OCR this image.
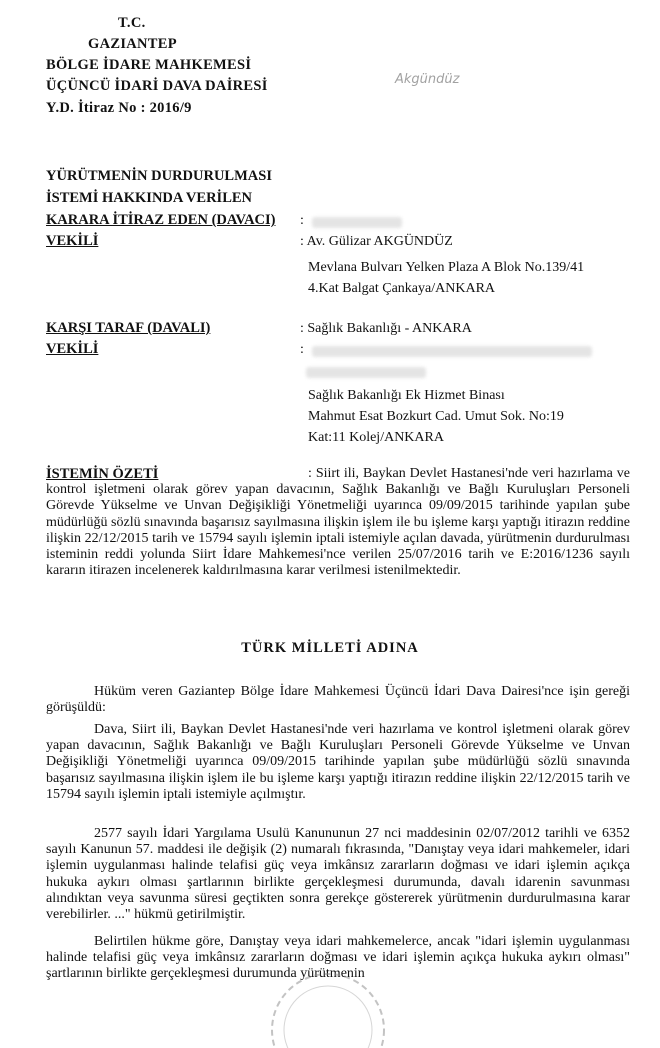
T.C.
GAZIANTEP
BÖLGE İDARE MAHKEMESİ
ÜÇÜNCÜ İDARİ DAVA DAİRESİ
Y.D. İtiraz No : 2016/9
Akgündüz
YÜRÜTMENİN DURDURULMASI
İSTEMİ HAKKINDA VERİLEN
KARARA İTİRAZ EDEN (DAVACI) :
VEKİLİ	: Av. Gülizar AKGÜNDÜZ
Mevlana Bulvarı Yelken Plaza A Blok No.139/41
4.Kat Balgat Çankaya/ANKARA
KARŞI TARAF (DAVALI)	: Sağlık Bakanlığı - ANKARA
VEKİLİ	:
Sağlık Bakanlığı Ek Hizmet Binası
Mahmut Esat Bozkurt Cad. Umut Sok. No:19
Kat:11 Kolej/ANKARA
İSTEMİN ÖZETİ	: Siirt ili, Baykan Devlet Hastanesi'nde veri hazırlama ve kontrol işletmeni olarak görev yapan davacının, Sağlık Bakanlığı ve Bağlı Kuruluşları Personeli Görevde Yükselme ve Unvan Değişikliği Yönetmeliği uyarınca 09/09/2015 tarihinde yapılan şube müdürlüğü sözlü sınavında başarısız sayılmasına ilişkin işlem ile bu işleme karşı yaptığı itirazın reddine ilişkin 22/12/2015 tarih ve 15794 sayılı işlemin iptali istemiyle açılan davada, yürütmenin durdurulması isteminin reddi yolunda Siirt İdare Mahkemesi'nce verilen 25/07/2016 tarih ve E:2016/1236 sayılı kararın itirazen incelenerek kaldırılmasına karar verilmesi istenilmektedir.
TÜRK MİLLETİ ADINA
Hüküm veren Gaziantep Bölge İdare Mahkemesi Üçüncü İdari Dava Dairesi'nce işin gereği görüşüldü:
Dava, Siirt ili, Baykan Devlet Hastanesi'nde veri hazırlama ve kontrol işletmeni olarak görev yapan davacının, Sağlık Bakanlığı ve Bağlı Kuruluşları Personeli Görevde Yükselme ve Unvan Değişikliği Yönetmeliği uyarınca 09/09/2015 tarihinde yapılan şube müdürlüğü sözlü sınavında başarısız sayılmasına ilişkin işlem ile bu işleme karşı yaptığı itirazın reddine ilişkin 22/12/2015 tarih ve 15794 sayılı işlemin iptali istemiyle açılmıştır.
2577 sayılı İdari Yargılama Usulü Kanununun 27 nci maddesinin 02/07/2012 tarihli ve 6352 sayılı Kanunun 57. maddesi ile değişik (2) numaralı fıkrasında, "Danıştay veya idari mahkemeler, idari işlemin uygulanması halinde telafisi güç veya imkânsız zararların doğması ve idari işlemin açıkça hukuka aykırı olması şartlarının birlikte gerçekleşmesi durumunda, davalı idarenin savunması alındıktan veya savunma süresi geçtikten sonra gerekçe göstererek yürütmenin durdurulmasına karar verebilirler. ..." hükmü getirilmiştir.
Belirtilen hükme göre, Danıştay veya idari mahkemelerce, ancak "idari işlemin uygulanması halinde telafisi güç veya imkânsız zararların doğması ve idari işlemin açıkça hukuka aykırı olması" şartlarının birlikte gerçekleşmesi durumunda yürütmenin
